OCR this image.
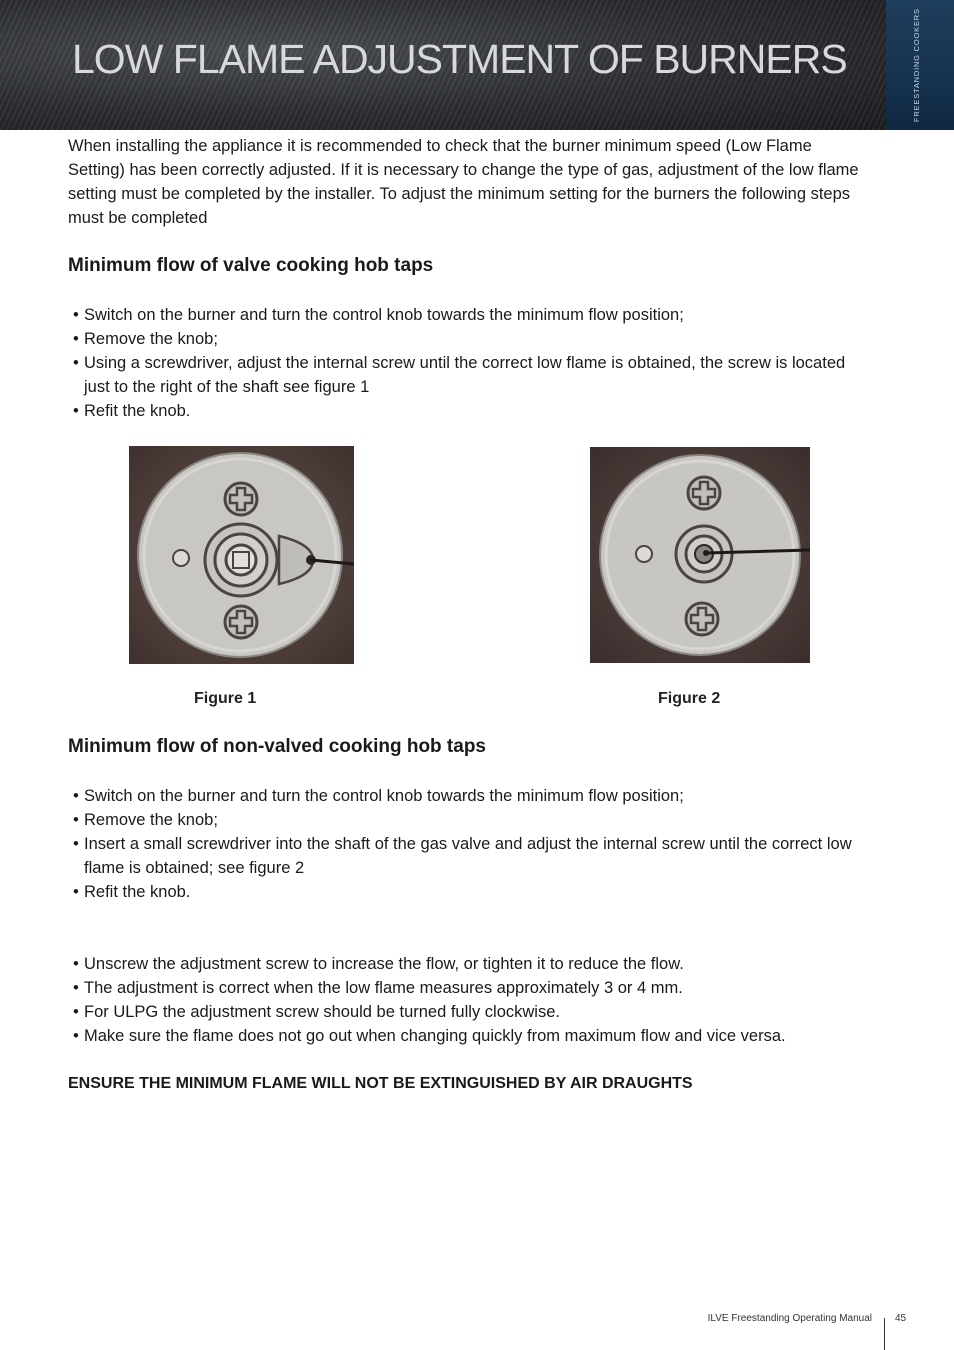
LOW FLAME ADJUSTMENT OF BURNERS	FREESTANDING COOKERS

When installing the appliance it is recommended to check that the burner minimum speed (Low Flame Setting) has been correctly adjusted. If it is necessary to change the type of gas, adjustment of the low flame setting must be completed by the installer. To adjust the minimum setting for the burners the following steps must be completed

Minimum flow of valve cooking hob taps
• Switch on the burner and turn the control knob towards the minimum flow position;
• Remove the knob;
• Using a screwdriver, adjust the internal screw until the correct low flame is obtained, the screw is located just to the right of the shaft see figure 1
• Refit the knob.
Figure 1	Figure 2
Minimum flow of non-valved cooking hob taps
• Switch on the burner and turn the control knob towards the minimum flow position;
• Remove the knob;
• Insert a small screwdriver into the shaft of the gas valve and adjust the internal screw until the correct low flame is obtained; see figure 2
• Refit the knob.
• Unscrew the adjustment screw to increase the flow, or tighten it to reduce the flow.
• The adjustment is correct when the low flame measures approximately 3 or 4 mm.
• For ULPG the adjustment screw should be turned fully clockwise.
• Make sure the flame does not go out when changing quickly from maximum flow and vice versa.
ENSURE THE MINIMUM FLAME WILL NOT BE EXTINGUISHED BY AIR DRAUGHTS
ILVE Freestanding Operating Manual 45
